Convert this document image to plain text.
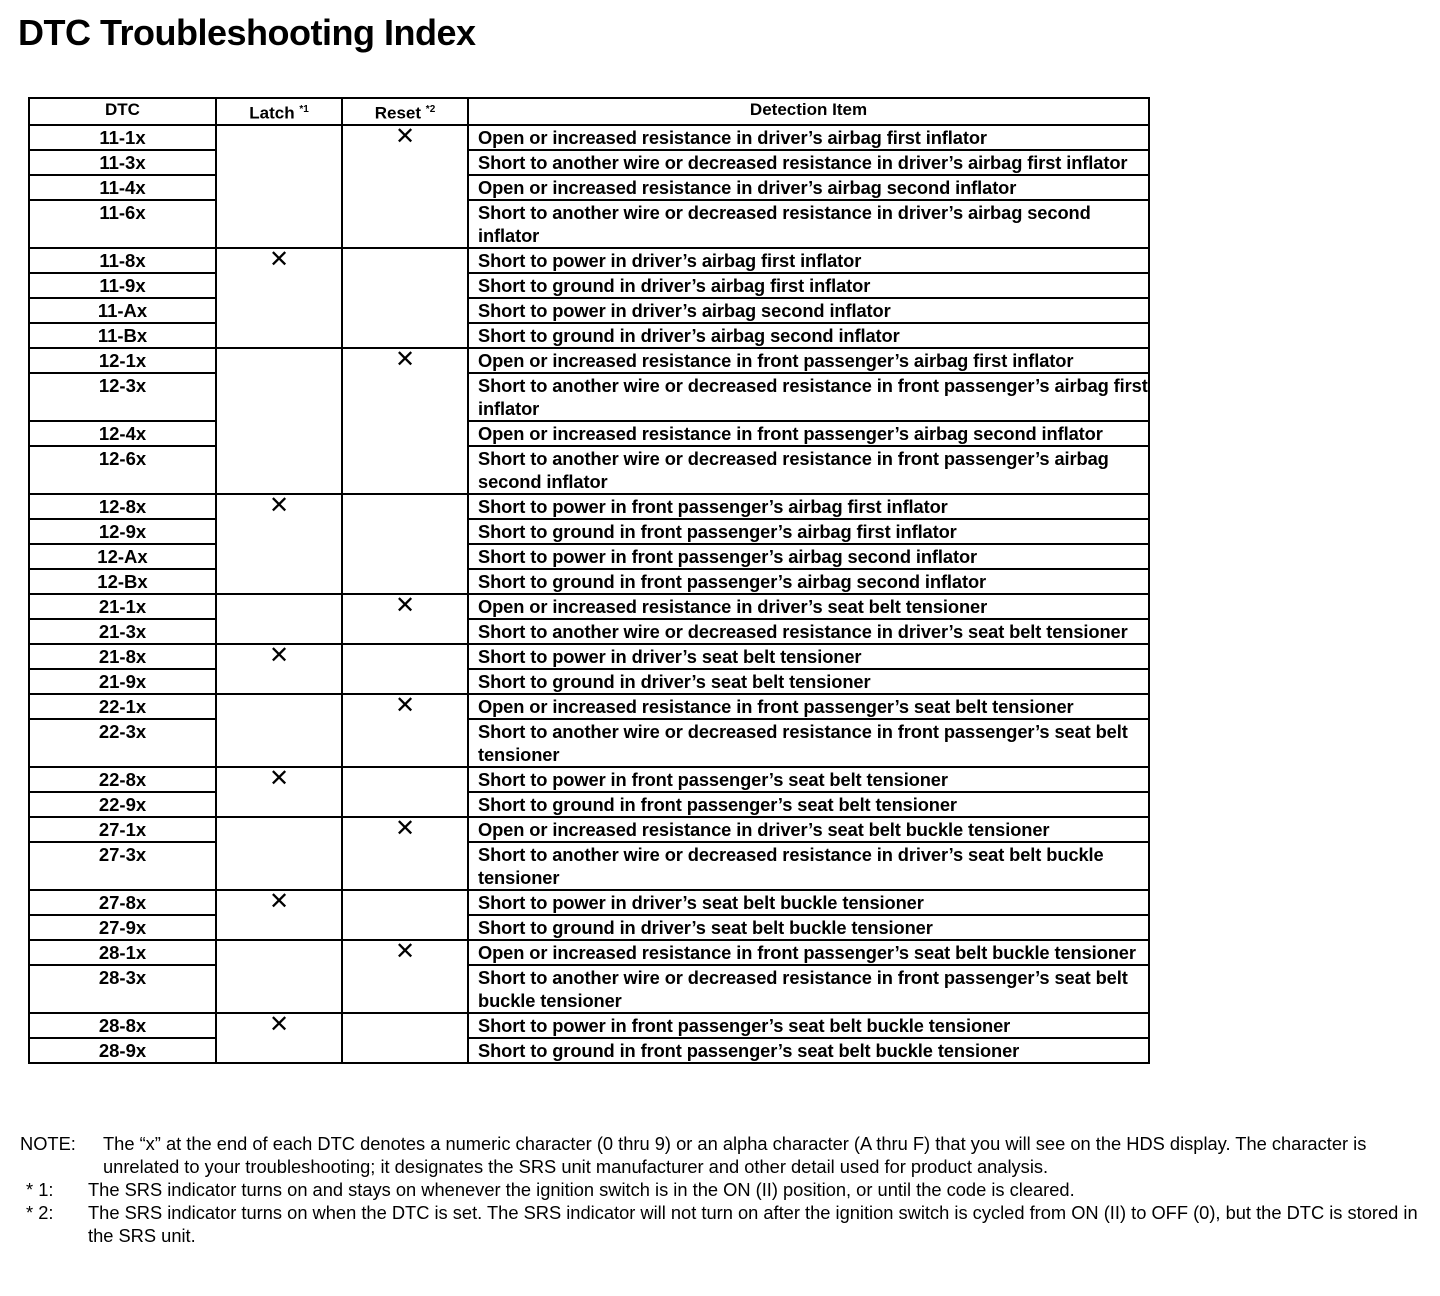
DTC Troubleshooting Index
DTC	Latch $^{*1}$	Reset $^{*2}$	Detection Item
11-1x		✕	Open or increased resistance in driver’s airbag first inflator
11-3x			Short to another wire or decreased resistance in driver’s airbag first inflator
11-4x			Open or increased resistance in driver’s airbag second inflator
11-6x			Short to another wire or decreased resistance in driver’s airbag second inflator
11-8x	✕		Short to power in driver’s airbag first inflator
11-9x			Short to ground in driver’s airbag first inflator
11-Ax			Short to power in driver’s airbag second inflator
11-Bx			Short to ground in driver’s airbag second inflator
12-1x		✕	Open or increased resistance in front passenger’s airbag first inflator
12-3x			Short to another wire or decreased resistance in front passenger’s airbag first inflator
12-4x			Open or increased resistance in front passenger’s airbag second inflator
12-6x			Short to another wire or decreased resistance in front passenger’s airbag second inflator
12-8x	✕		Short to power in front passenger’s airbag first inflator
12-9x			Short to ground in front passenger’s airbag first inflator
12-Ax			Short to power in front passenger’s airbag second inflator
12-Bx			Short to ground in front passenger’s airbag second inflator
21-1x		✕	Open or increased resistance in driver’s seat belt tensioner
21-3x			Short to another wire or decreased resistance in driver’s seat belt tensioner
21-8x	✕		Short to power in driver’s seat belt tensioner
21-9x			Short to ground in driver’s seat belt tensioner
22-1x		✕	Open or increased resistance in front passenger’s seat belt tensioner
22-3x			Short to another wire or decreased resistance in front passenger’s seat belt tensioner
22-8x	✕		Short to power in front passenger’s seat belt tensioner
22-9x			Short to ground in front passenger’s seat belt tensioner
27-1x		✕	Open or increased resistance in driver’s seat belt buckle tensioner
27-3x			Short to another wire or decreased resistance in driver’s seat belt buckle tensioner
27-8x	✕		Short to power in driver’s seat belt buckle tensioner
27-9x			Short to ground in driver’s seat belt buckle tensioner
28-1x		✕	Open or increased resistance in front passenger’s seat belt buckle tensioner
28-3x			Short to another wire or decreased resistance in front passenger’s seat belt buckle tensioner
28-8x	✕		Short to power in front passenger’s seat belt buckle tensioner
28-9x			Short to ground in front passenger’s seat belt buckle tensioner
NOTE:	The “x” at the end of each DTC denotes a numeric character (0 thru 9) or an alpha character (A thru F) that you will see on the HDS display. The character is unrelated to your troubleshooting; it designates the SRS unit manufacturer and other detail used for product analysis.
* 1:	The SRS indicator turns on and stays on whenever the ignition switch is in the ON (II) position, or until the code is cleared.
* 2:	The SRS indicator turns on when the DTC is set. The SRS indicator will not turn on after the ignition switch is cycled from ON (II) to OFF (0), but the DTC is stored in the SRS unit.
